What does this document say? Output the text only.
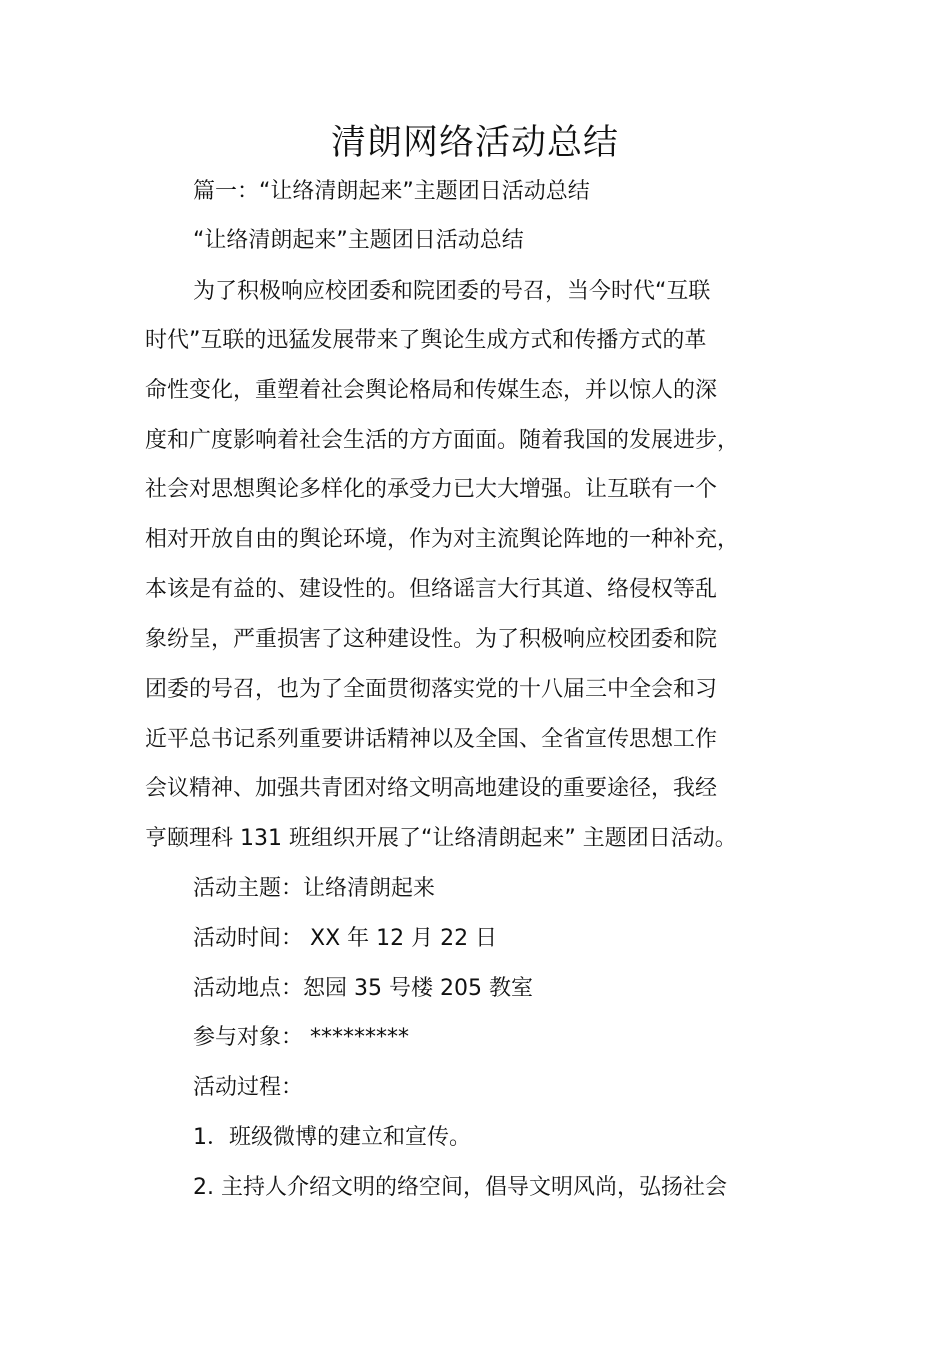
清朗网络活动总结
篇一：“让络清朗起来”主题团日活动总结
“让络清朗起来”主题团日活动总结
为了积极响应校团委和院团委的号召，当今时代“互联
时代”互联的迅猛发展带来了舆论生成方式和传播方式的革
命性变化，重塑着社会舆论格局和传媒生态，并以惊人的深
度和广度影响着社会生活的方方面面。随着我国的发展进步，
社会对思想舆论多样化的承受力已大大增强。让互联有一个
相对开放自由的舆论环境，作为对主流舆论阵地的一种补充，
本该是有益的、建设性的。但络谣言大行其道、络侵权等乱
象纷呈，严重损害了这种建设性。为了积极响应校团委和院
团委的号召，也为了全面贯彻落实党的十八届三中全会和习
近平总书记系列重要讲话精神以及全国、全省宣传思想工作
会议精神、加强共青团对络文明高地建设的重要途径，我经
亨颐理科 131 班组织开展了“让络清朗起来” 主题团日活动。
活动主题：让络清朗起来
活动时间： XX 年 12 月 22 日
活动地点：恕园 35 号楼 205 教室
参与对象： *********
活动过程：
1．班级微博的建立和宣传。
2. 主持人介绍文明的络空间，倡导文明风尚，弘扬社会
